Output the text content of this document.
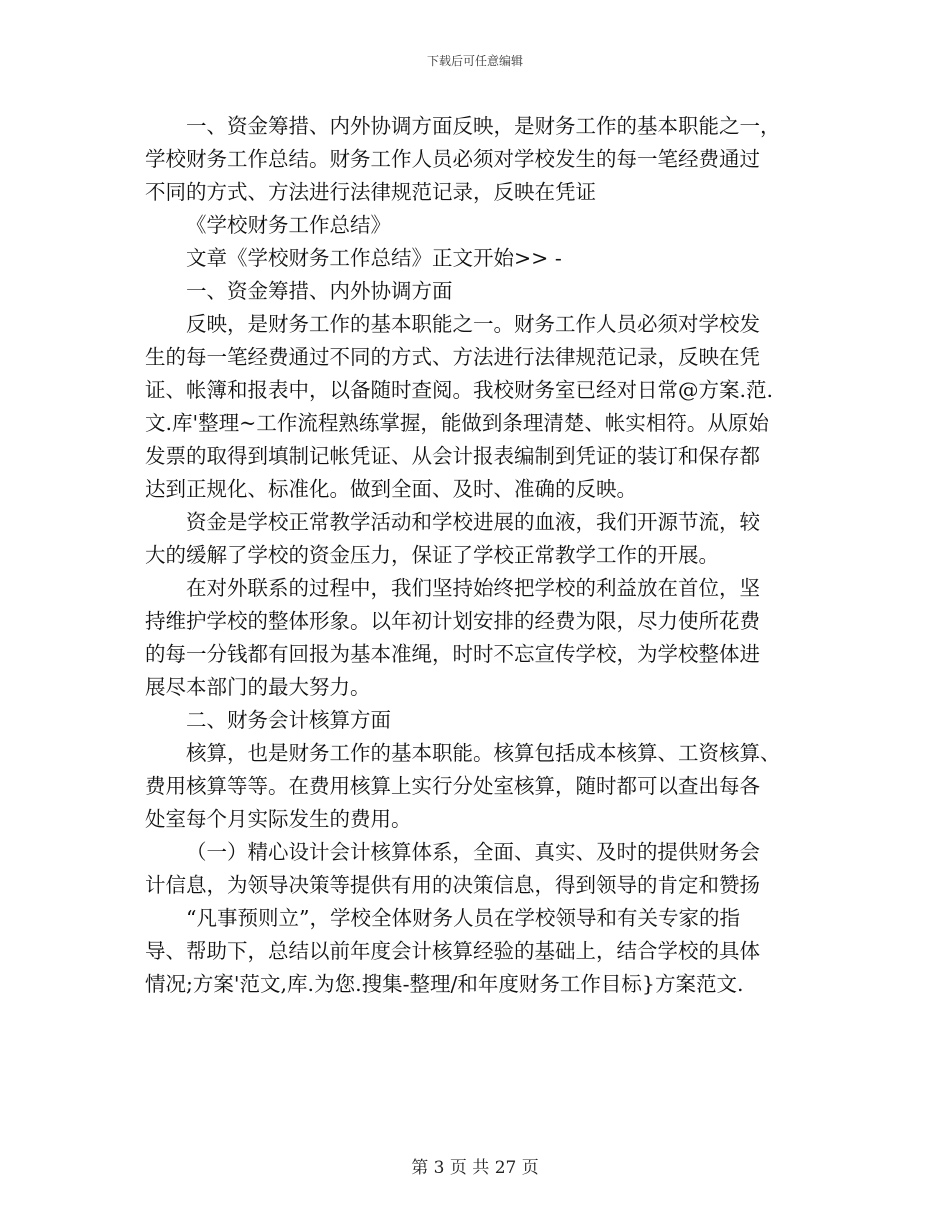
下载后可任意编辑
一、资金筹措、内外协调方面反映，是财务工作的基本职能之一，
学校财务工作总结。财务工作人员必须对学校发生的每一笔经费通过
不同的方式、方法进行法律规范记录，反映在凭证
《学校财务工作总结》
文章《学校财务工作总结》正文开始>> -
一、资金筹措、内外协调方面
反映，是财务工作的基本职能之一。财务工作人员必须对学校发
生的每一笔经费通过不同的方式、方法进行法律规范记录，反映在凭
证、帐簿和报表中，以备随时查阅。我校财务室已经对日常@方案.范.
文.库'整理~工作流程熟练掌握，能做到条理清楚、帐实相符。从原始
发票的取得到填制记帐凭证、从会计报表编制到凭证的装订和保存都
达到正规化、标准化。做到全面、及时、准确的反映。
资金是学校正常教学活动和学校进展的血液，我们开源节流，较
大的缓解了学校的资金压力，保证了学校正常教学工作的开展。
在对外联系的过程中，我们坚持始终把学校的利益放在首位，坚
持维护学校的整体形象。以年初计划安排的经费为限，尽力使所花费
的每一分钱都有回报为基本准绳，时时不忘宣传学校，为学校整体进
展尽本部门的最大努力。
二、财务会计核算方面
核算，也是财务工作的基本职能。核算包括成本核算、工资核算、
费用核算等等。在费用核算上实行分处室核算，随时都可以查出每各
处室每个月实际发生的费用。
（一）精心设计会计核算体系，全面、真实、及时的提供财务会
计信息，为领导决策等提供有用的决策信息，得到领导的肯定和赞扬
“凡事预则立”，学校全体财务人员在学校领导和有关专家的指
导、帮助下，总结以前年度会计核算经验的基础上，结合学校的具体
情况;方案'范文,库.为您.搜集-整理/和年度财务工作目标}方案范文.
第 3 页 共 27 页
